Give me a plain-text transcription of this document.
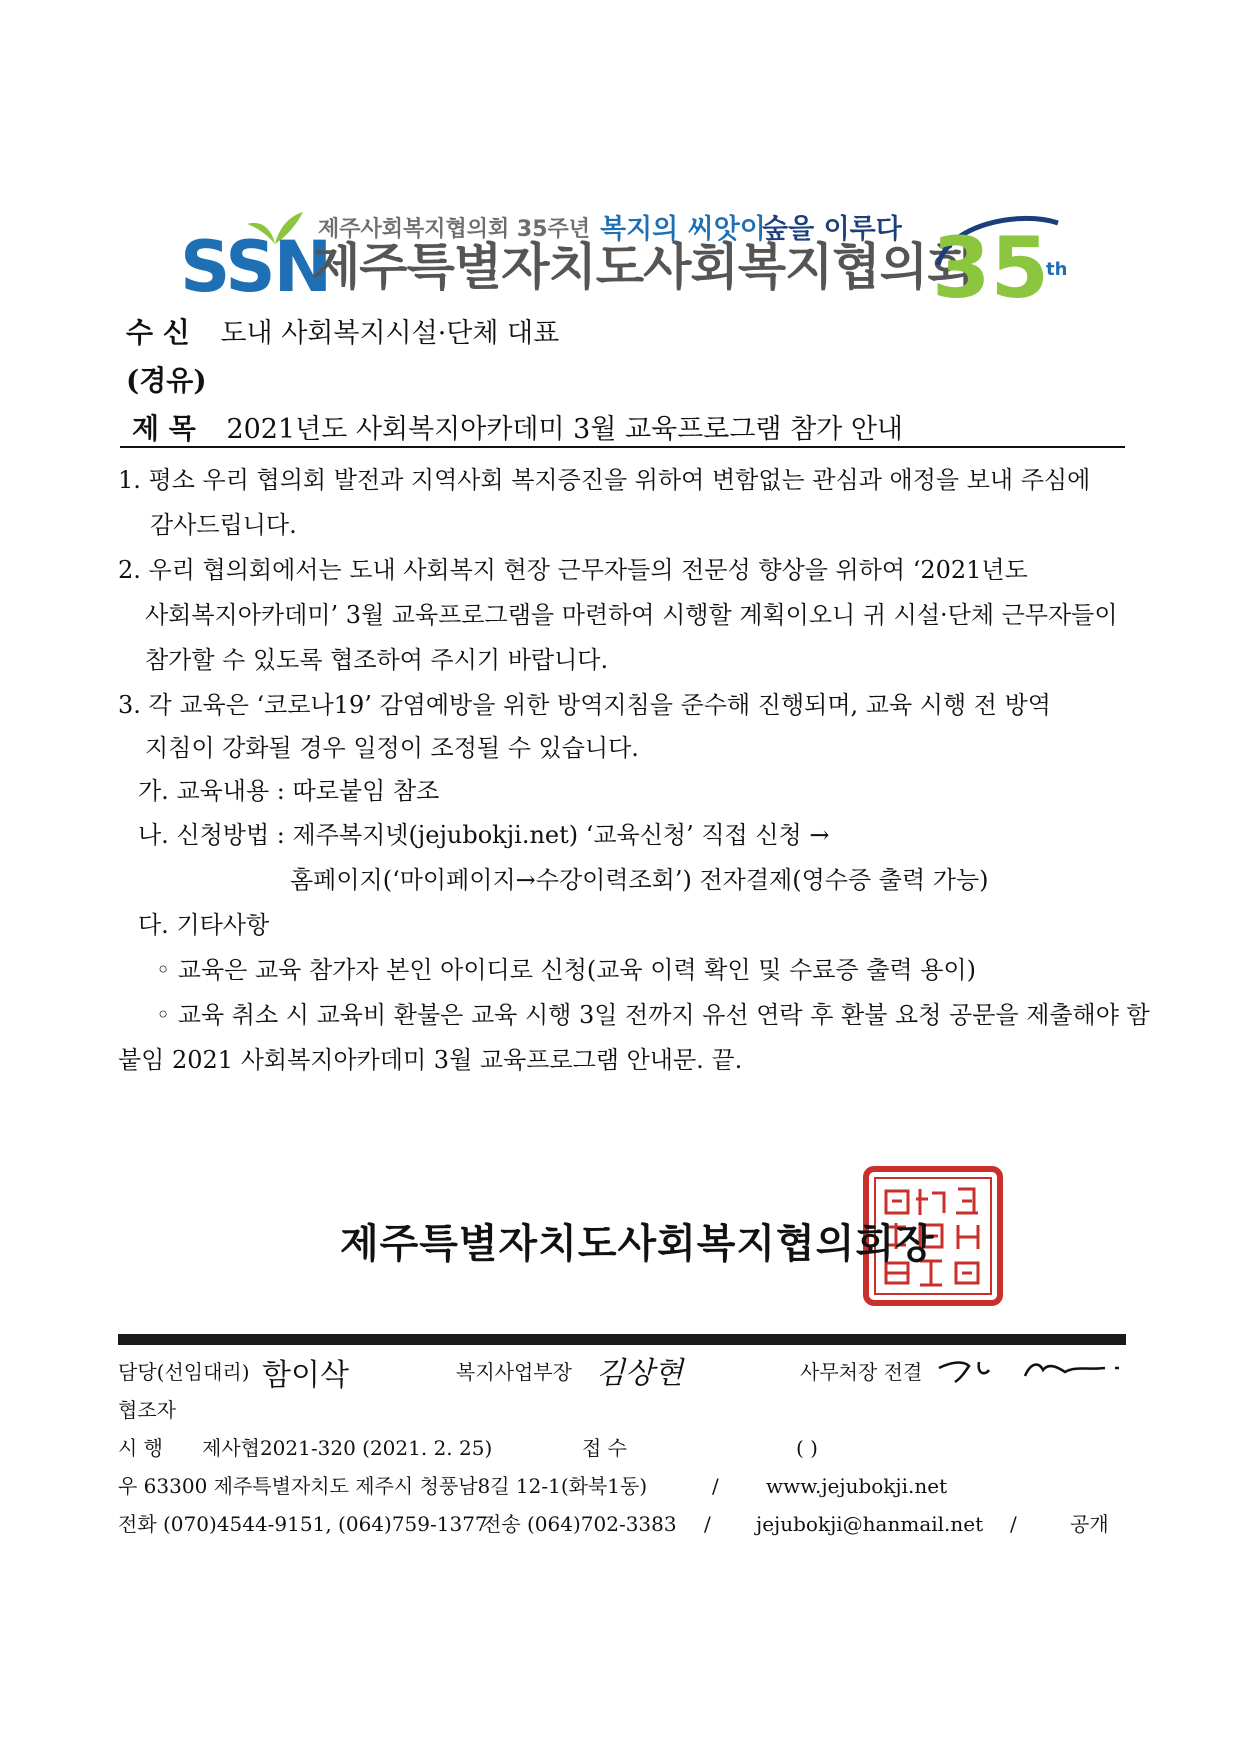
SSN
제주사회복지협의회 35주년 복지의 씨앗이
숲을 이루다
제주특별자치도사회복지협의회
35
th
수 신 도내 사회복지시설·단체 대표
(경유)
제 목 2021년도 사회복지아카데미 3월 교육프로그램 참가 안내
1. 평소 우리 협의회 발전과 지역사회 복지증진을 위하여 변함없는 관심과 애정을 보내 주심에
감사드립니다.
2. 우리 협의회에서는 도내 사회복지 현장 근무자들의 전문성 향상을 위하여 ‘2021년도
사회복지아카데미’ 3월 교육프로그램을 마련하여 시행할 계획이오니 귀 시설·단체 근무자들이
참가할 수 있도록 협조하여 주시기 바랍니다.
3. 각 교육은 ‘코로나19’ 감염예방을 위한 방역지침을 준수해 진행되며, 교육 시행 전 방역
지침이 강화될 경우 일정이 조정될 수 있습니다.
가. 교육내용 : 따로붙임 참조
나. 신청방법 : 제주복지넷(jejubokji.net) ‘교육신청’ 직접 신청 →
홈페이지(‘마이페이지→수강이력조회’) 전자결제(영수증 출력 가능)
다. 기타사항
◦ 교육은 교육 참가자 본인 아이디로 신청(교육 이력 확인 및 수료증 출력 용이)
◦ 교육 취소 시 교육비 환불은 교육 시행 3일 전까지 유선 연락 후 환불 요청 공문을 제출해야 함
붙임 2021 사회복지아카데미 3월 교육프로그램 안내문. 끝.
제주특별자치도사회복지협의회장
담당(선임대리) 함이삭	복지사업부장 김상현	사무처장 전결
협조자
시 행 제사협2021-320 (2021. 2. 25)	접 수	( )
우 63300 제주특별자치도 제주시 청풍남8길 12-1(화북1동)	/ www.jejubokji.net
전화 (070)4544-9151, (064)759-1377
전송 (064)702-3383 / jejubokji@hanmail.net /	공개
